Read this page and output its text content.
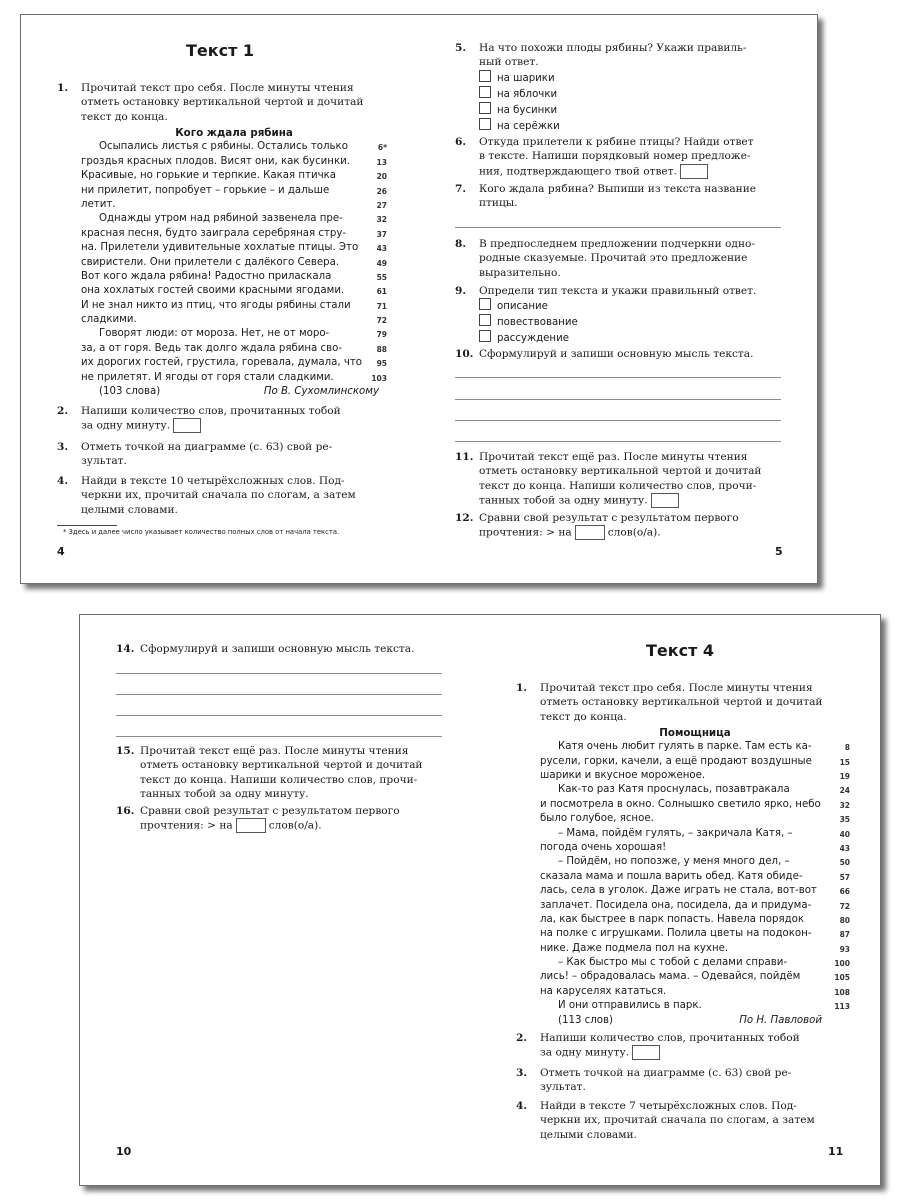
Текст 1
1. Прочитай текст про себя. После минуты чтения
отметь остановку вертикальной чертой и дочитай
текст до конца.
Кого ждала рябина
Осыпались листья с рябины. Остались только	6*
гроздья красных плодов. Висят они, как бусинки.	13
Красивые, но горькие и терпкие. Какая птичка	20
ни прилетит, попробует – горькие – и дальше	26
летит.	27
Однажды утром над рябиной зазвенела пре-	32
красная песня, будто заиграла серебряная стру-	37
на. Прилетели удивительные хохлатые птицы. Это 43
свиристели. Они прилетели с далёкого Севера.	49
Вот кого ждала рябина! Радостно приласкала	55
она хохлатых гостей своими красными ягодами.	61
И не знал никто из птиц, что ягоды рябины стали	71
сладкими.	72
Говорят люди: от мороза. Нет, не от моро-	79
за, а от горя. Ведь так долго ждала рябина сво-	88
их дорогих гостей, грустила, горевала, думала, что 95
не прилетят. И ягоды от горя стали сладкими.	103
(103 слова)	По В. Сухомлинскому
2. Напиши количество слов, прочитанных тобой
за одну минуту.
3. Отметь точкой на диаграмме (с. 63) свой ре-
зультат.
4. Найди в тексте 10 четырёхсложных слов. Под-
черкни их, прочитай сначала по слогам, а затем
целыми словами.
* Здесь и далее число указывает количество полных слов от начала текста.
4
5. На что похожи плоды рябины? Укажи правиль-
ный ответ.
на шарики
на яблочки
на бусинки
на серёжки
6. Откуда прилетели к рябине птицы? Найди ответ
в тексте. Напиши порядковый номер предложе-
ния, подтверждающего твой ответ.
7. Кого ждала рябина? Выпиши из текста название
птицы.
8. В предпоследнем предложении подчеркни одно-
родные сказуемые. Прочитай это предложение
выразительно.
9. Определи тип текста и укажи правильный ответ.
описание
повествование
рассуждение
10. Сформулируй и запиши основную мысль текста.
11. Прочитай текст ещё раз. После минуты чтения
отметь остановку вертикальной чертой и дочитай
текст до конца. Напиши количество слов, прочи-
танных тобой за одну минуту.
12. Сравни свой результат с результатом первого
прочтения: > на	слов(о/а).
5
14. Сформулируй и запиши основную мысль текста.
15. Прочитай текст ещё раз. После минуты чтения
отметь остановку вертикальной чертой и дочитай
текст до конца. Напиши количество слов, прочи-
танных тобой за одну минуту.
16. Сравни свой результат с результатом первого
прочтения: > на	слов(о/а).
10
Текст 4
1. Прочитай текст про себя. После минуты чтения
отметь остановку вертикальной чертой и дочитай
текст до конца.
Помощница
Катя очень любит гулять в парке. Там есть ка-	8
русели, горки, качели, а ещё продают воздушные	15
шарики и вкусное мороженое.	19
Как-то раз Катя проснулась, позавтракала	24
и посмотрела в окно. Солнышко светило ярко, небо	32
было голубое, ясное.	35
– Мама, пойдём гулять, – закричала Катя, –	40
погода очень хорошая!	43
– Пойдём, но попозже, у меня много дел, –	50
сказала мама и пошла варить обед. Катя обиде-	57
лась, села в уголок. Даже играть не стала, вот-вот	66
заплачет. Посидела она, посидела, да и придума-	72
ла, как быстрее в парк попасть. Навела порядок	80
на полке с игрушками. Полила цветы на подокон-	87
нике. Даже подмела пол на кухне.	93
– Как быстро мы с тобой с делами справи-	100
лись! – обрадовалась мама. – Одевайся, пойдём	105
на каруселях кататься.	108
И они отправились в парк.	113
(113 слов)	По Н. Павловой
2. Напиши количество слов, прочитанных тобой
за одну минуту.
3. Отметь точкой на диаграмме (с. 63) свой ре-
зультат.
4. Найди в тексте 7 четырёхсложных слов. Под-
черкни их, прочитай сначала по слогам, а затем
целыми словами.
11
